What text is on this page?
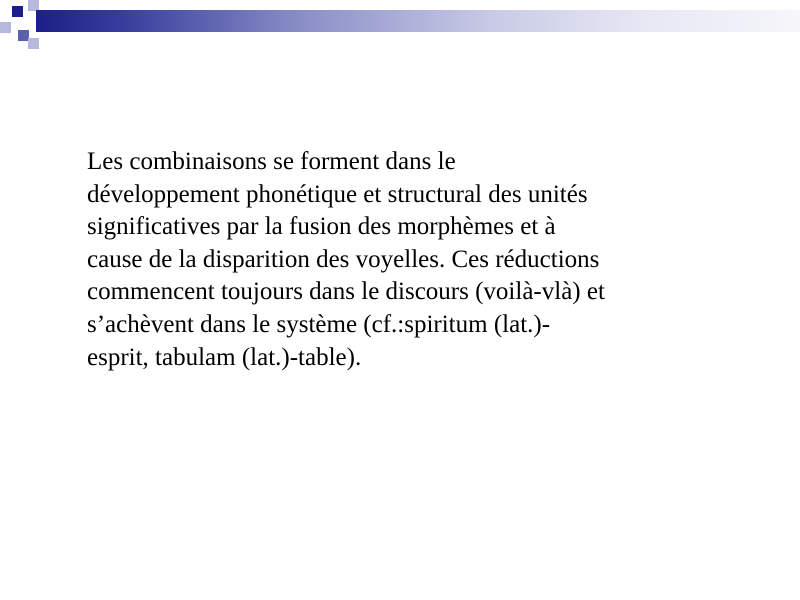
Les combinaisons se forment dans le
développement phonétique et structural des unités
significatives par la fusion des morphèmes et à
cause de la disparition des voyelles. Ces réductions
commencent toujours dans le discours (voilà-vlà) et
s’achèvent dans le système (cf.:spiritum (lat.)-
esprit, tabulam (lat.)-table).
